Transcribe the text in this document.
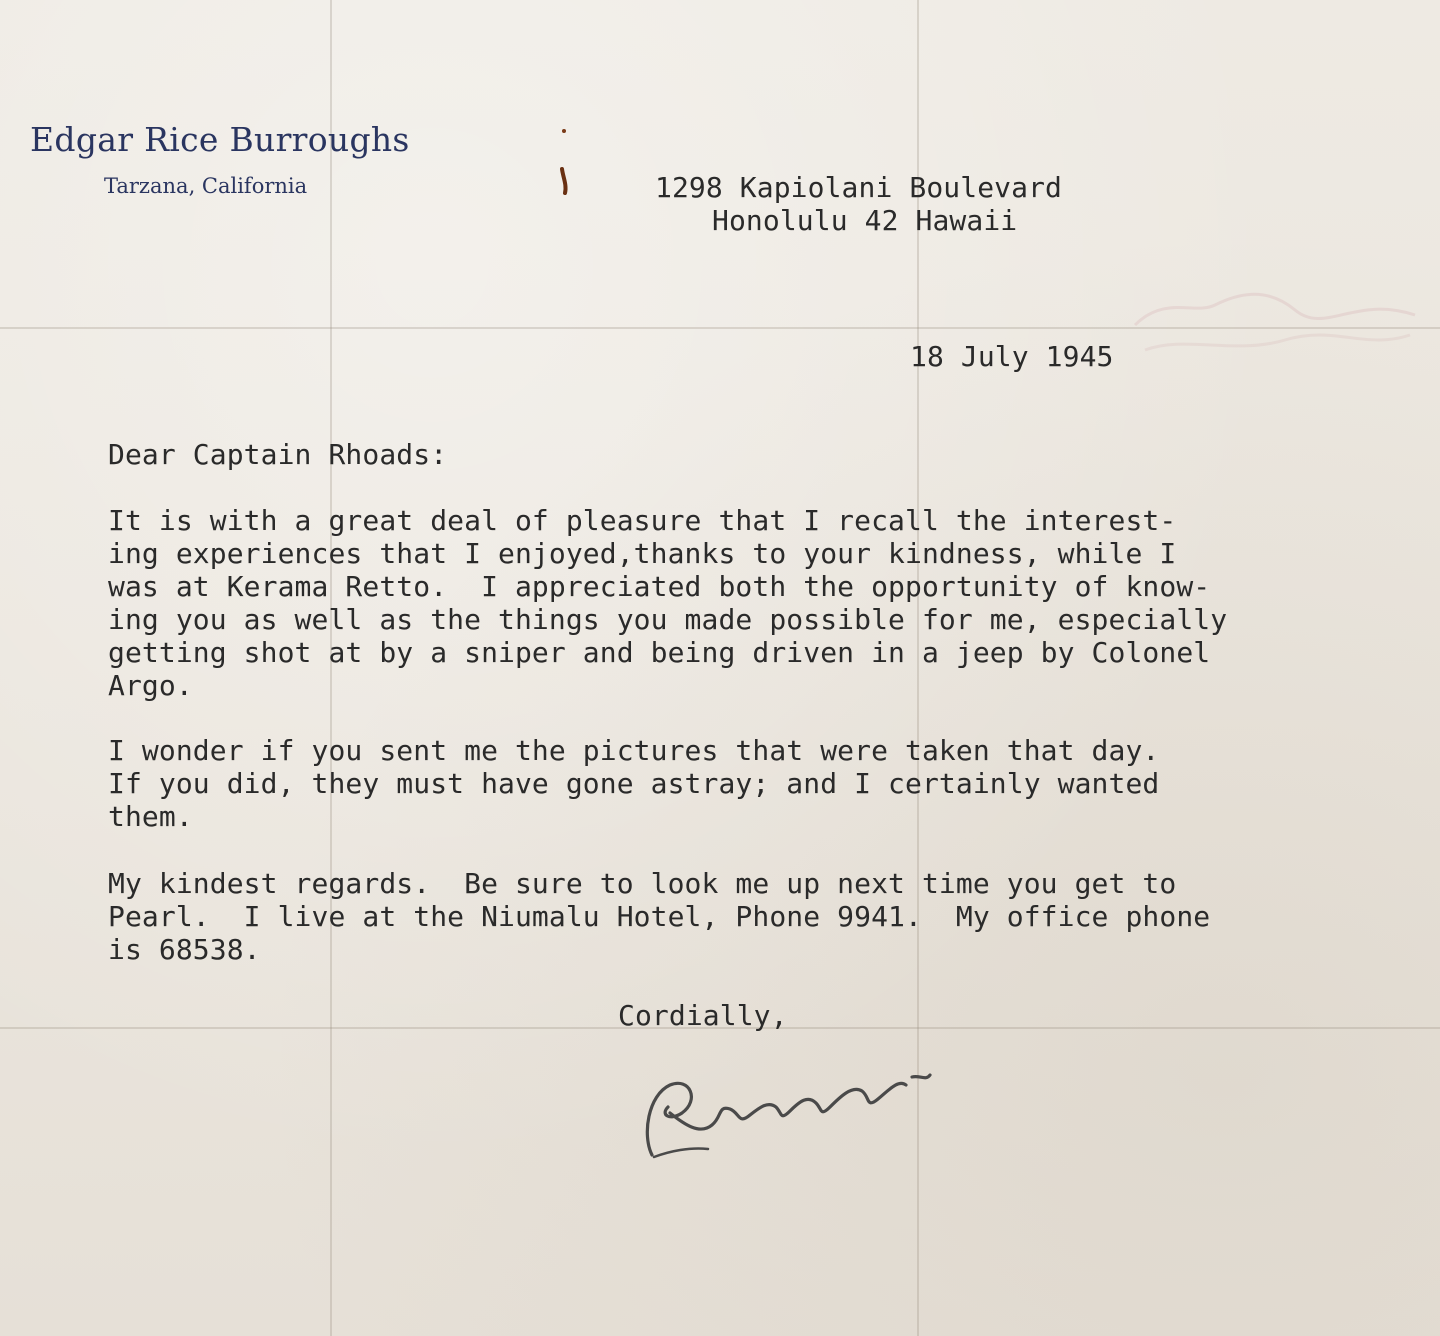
Edgar Rice Burroughs
Tarzana, California	1298 Kapiolani Boulevard
Honolulu 42 Hawaii
18 July 1945
Dear Captain Rhoads:
It is with a great deal of pleasure that I recall the interest-
ing experiences that I enjoyed,thanks to your kindness, while I
was at Kerama Retto.  I appreciated both the opportunity of know-
ing you as well as the things you made possible for me, especially
getting shot at by a sniper and being driven in a jeep by Colonel
Argo.
I wonder if you sent me the pictures that were taken that day.
If you did, they must have gone astray; and I certainly wanted
them.
My kindest regards.  Be sure to look me up next time you get to
Pearl.  I live at the Niumalu Hotel, Phone 9941.  My office phone
is 68538.
Cordially,
